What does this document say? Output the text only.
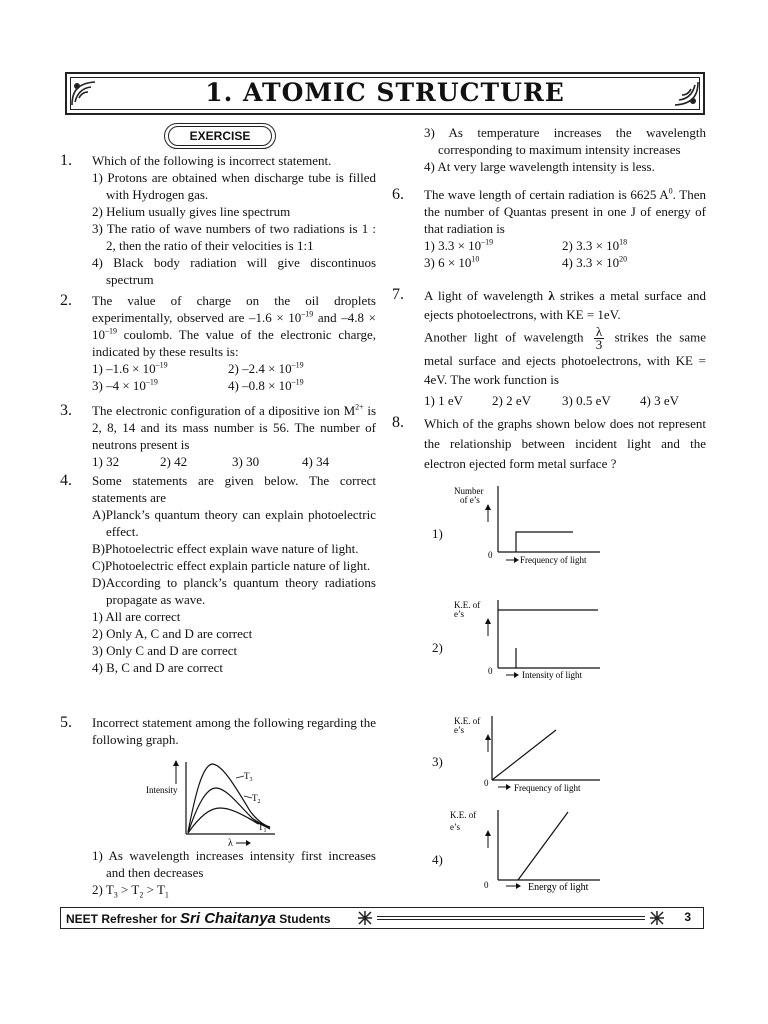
1. ATOMIC STRUCTURE
EXERCISE
1. Which of the following is incorrect statement.
1) Protons are obtained when discharge tube is filled with Hydrogen gas.
2) Helium usually gives line spectrum
3) The ratio of wave numbers of two radiations is 1 : 2, then the ratio of their velocities is 1:1
4) Black body radiation will give discontinuos spectrum
2. The value of charge on the oil droplets experimentally, observed are $-1.6 \times 10^{-19}$ and $-4.8 \times 10^{-19}$ coulomb. The value of the electronic charge, indicated by these results is:
1) $-1.6 \times 10^{-19}$	2) $-2.4 \times 10^{-19}$
3) $-4 \times 10^{-19}$	4) $-0.8 \times 10^{-19}$
3. The electronic configuration of a dipositive ion $M^{2+}$ is 2, 8, 14 and its mass number is 56. The number of neutrons present is
1) 32	2) 42	3) 30	4) 34
4. Some statements are given below. The correct statements are
A)Planck’s quantum theory can explain photoelectric effect.
B)Photoelectric effect explain wave nature of light.
C)Photoelectric effect explain particle nature of light.
D)According to planck’s quantum theory radiations propagate as wave.
1) All are correct
2) Only A, C and D are correct
3) Only C and D are correct
4) B, C and D are correct
5. Incorrect statement among the following regarding the following graph.
Intensity
$T_3$
$T_2$
$T_1$
λ
1) As wavelength increases intensity first increases and then decreases
2) $T_3 > T_2 > T_1$
3) As temperature increases the wavelength corresponding to maximum intensity increases
4) At very large wavelength intensity is less.
6. The wave length of certain radiation is 6625 $A^0$. Then the number of Quantas present in one J of energy of that radiation is
1) $3.3 \times 10^{-19}$	2) $3.3 \times 10^{18}$
3) $6 \times 10^{10}$	4) $3.3 \times 10^{20}$
7. A light of wavelength λ strikes a metal surface and ejects photoelectrons, with KE = 1eV.
Another light of wavelength $\frac{\lambda}{3}$ strikes the same metal surface and ejects photoelectrons, with KE = 4eV. The work function is
1) 1 eV 2) 2 eV 3) 0.5 eV 4) 3 eV
8. Which of the graphs shown below does not represent the relationship between incident light and the electron ejected form metal surface ?
1)
Number
of e’s
0	Frequency of light
2)
K.E. of
e’s
0	Intensity of light
3)
K.E. of
e’s
0	Frequency of light
4)
K.E. of
e’s
0	Energy of light
NEET Refresher for Sri Chaitanya Students	3
